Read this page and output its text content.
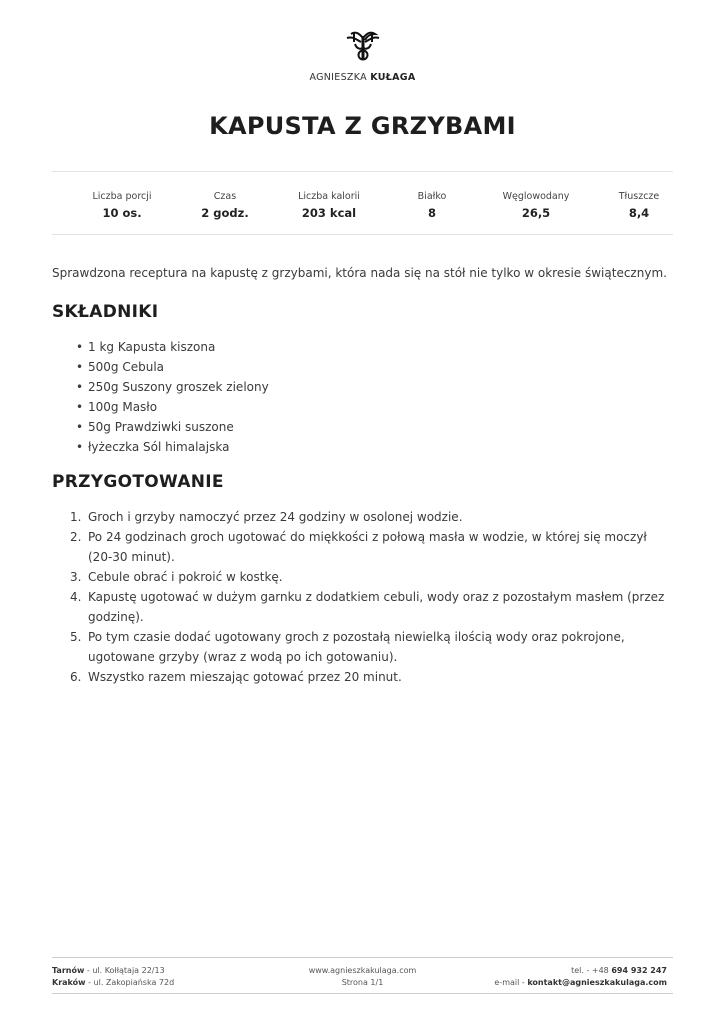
AGNIESZKA KUŁAGA
KAPUSTA Z GRZYBAMI
Liczba porcji
10 os.
Czas
2 godz.
Liczba kalorii
203 kcal
Białko
8
Węglowodany
26,5
Tłuszcze
8,4

Sprawdzona receptura na kapustę z grzybami, która nada się na stół nie tylko w okresie świątecznym.

SKŁADNIKI
• 1 kg Kapusta kiszona
• 500g Cebula
• 250g Suszony groszek zielony
• 100g Masło
• 50g Prawdziwki suszone
• łyżeczka Sól himalajska
PRZYGOTOWANIE
1. Groch i grzyby namoczyć przez 24 godziny w osolonej wodzie.
2. Po 24 godzinach groch ugotować do miękkości z połową masła w wodzie, w której się moczył (20-30 minut).
3. Cebule obrać i pokroić w kostkę.
4. Kapustę ugotować w dużym garnku z dodatkiem cebuli, wody oraz z pozostałym masłem (przez godzinę).
5. Po tym czasie dodać ugotowany groch z pozostałą niewielką ilością wody oraz pokrojone, ugotowane grzyby (wraz z wodą po ich gotowaniu).
6. Wszystko razem mieszając gotować przez 20 minut.
Tarnów - ul. Kołłątaja 22/13
Kraków - ul. Zakopiańska 72d
www.agnieszkakulaga.com
Strona 1/1
tel. - +48 694 932 247
e-mail - kontakt@agnieszkakulaga.com
